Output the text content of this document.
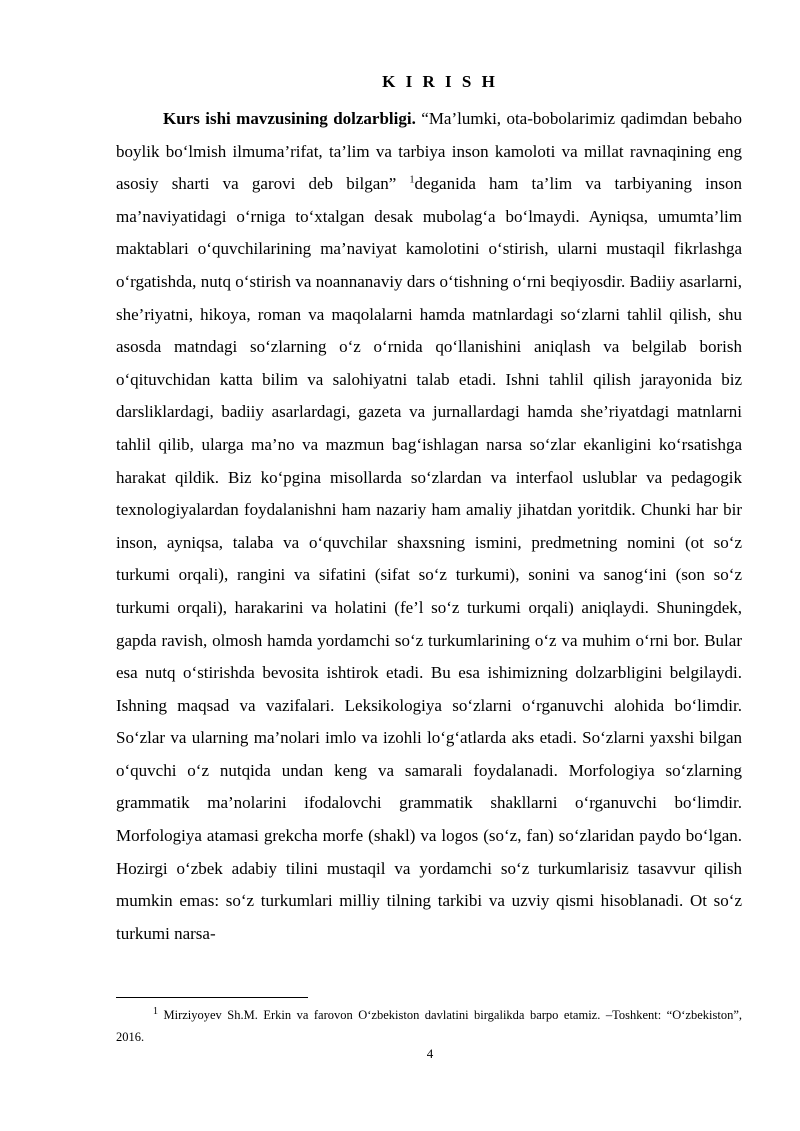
K I R I S H

Kurs ishi mavzusining dolzarbligi. “Ma’lumki, ota-bobolarimiz qadimdan bebaho boylik bo‘lmish ilmuma’rifat, ta’lim va tarbiya inson kamoloti va millat ravnaqining eng asosiy sharti va garovi deb bilgan” $^1$deganida ham ta’lim va tarbiyaning inson ma’naviyatidagi o‘rniga to‘xtalgan desak mubolag‘a bo‘lmaydi. Ayniqsa, umumta’lim maktablari o‘quvchilarining ma’naviyat kamolotini o‘stirish, ularni mustaqil fikrlashga o‘rgatishda, nutq o‘stirish va noannanaviy dars o‘tishning o‘rni beqiyosdir. Badiiy asarlarni, she’riyatni, hikoya, roman va maqolalarni hamda matnlardagi so‘zlarni tahlil qilish, shu asosda matndagi so‘zlarning o‘z o‘rnida qo‘llanishini aniqlash va belgilab borish o‘qituvchidan katta bilim va salohiyatni talab etadi. Ishni tahlil qilish jarayonida biz darsliklardagi, badiiy asarlardagi, gazeta va jurnallardagi hamda she’riyatdagi matnlarni tahlil qilib, ularga ma’no va mazmun bag‘ishlagan narsa so‘zlar ekanligini ko‘rsatishga harakat qildik. Biz ko‘pgina misollarda so‘zlardan va interfaol uslublar va pedagogik texnologiyalardan foydalanishni ham nazariy ham amaliy jihatdan yoritdik. Chunki har bir inson, ayniqsa, talaba va o‘quvchilar shaxsning ismini, predmetning nomini (ot so‘z turkumi orqali), rangini va sifatini (sifat so‘z turkumi), sonini va sanog‘ini (son so‘z turkumi orqali), harakarini va holatini (fe’l so‘z turkumi orqali) aniqlaydi. Shuningdek, gapda ravish, olmosh hamda yordamchi so‘z turkumlarining o‘z va muhim o‘rni bor. Bular esa nutq o‘stirishda bevosita ishtirok etadi. Bu esa ishimizning dolzarbligini belgilaydi. Ishning maqsad va vazifalari. Leksikologiya so‘zlarni o‘rganuvchi alohida bo‘limdir. So‘zlar va ularning ma’nolari imlo va izohli lo‘g‘atlarda aks etadi. So‘zlarni yaxshi bilgan o‘quvchi o‘z nutqida undan keng va samarali foydalanadi. Morfologiya so‘zlarning grammatik ma’nolarini ifodalovchi grammatik shakllarni o‘rganuvchi bo‘limdir. Morfologiya atamasi grekcha morfe (shakl) va logos (so‘z, fan) so‘zlaridan paydo bo‘lgan. Hozirgi o‘zbek adabiy tilini mustaqil va yordamchi so‘z turkumlarisiz tasavvur qilish mumkin emas: so‘z turkumlari milliy tilning tarkibi va uzviy qismi hisoblanadi. Ot so‘z turkumi narsa-

$^1$ Mirziyoyev Sh.M. Erkin va farovon O‘zbekiston davlatini birgalikda barpo etamiz. –Toshkent: “O‘zbekiston”, 2016.

4
